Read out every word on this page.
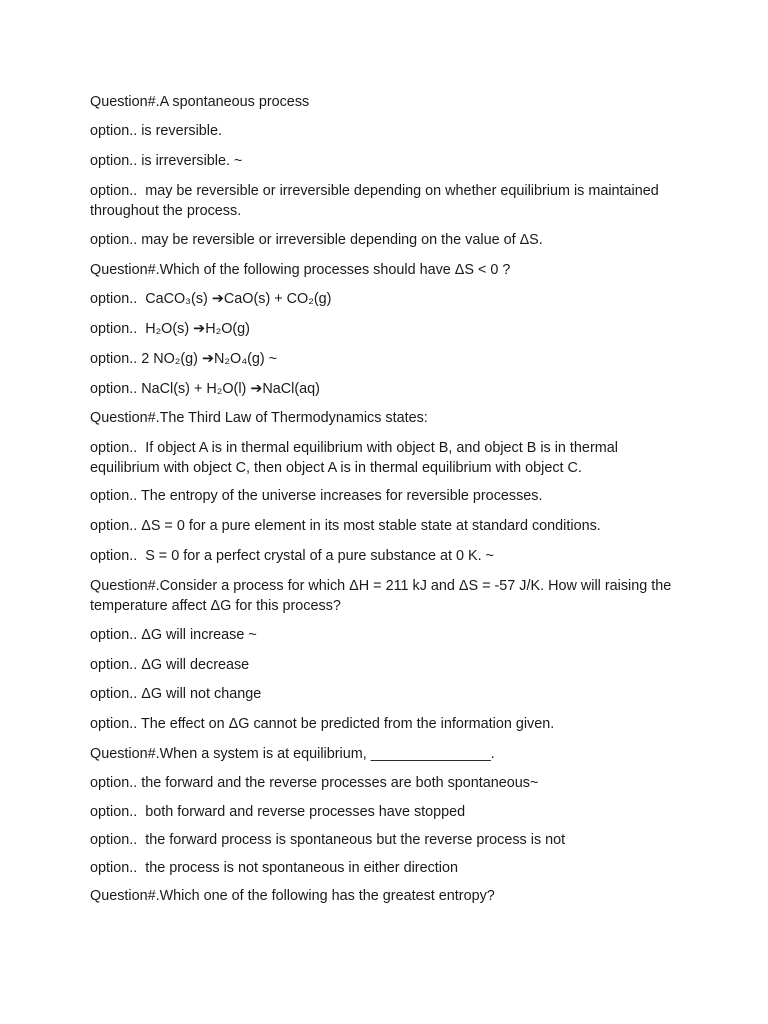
Question#.A spontaneous process

option.. is reversible.

option.. is irreversible. ~

option..  may be reversible or irreversible depending on whether equilibrium is maintained throughout the process.

option.. may be reversible or irreversible depending on the value of ΔS.

Question#.Which of the following processes should have ΔS < 0 ?

option..  CaCO₃(s) ➔CaO(s) + CO₂(g)

option..  H₂O(s) ➔H₂O(g)

option.. 2 NO₂(g) ➔N₂O₄(g) ~

option.. NaCl(s) + H₂O(l) ➔NaCl(aq)

Question#.The Third Law of Thermodynamics states:

option..  If object A is in thermal equilibrium with object B, and object B is in thermal equilibrium with object C, then object A is in thermal equilibrium with object C.

option.. The entropy of the universe increases for reversible processes.

option.. ΔS = 0 for a pure element in its most stable state at standard conditions.

option..  S = 0 for a perfect crystal of a pure substance at 0 K. ~

Question#.Consider a process for which ΔH = 211 kJ and ΔS = -57 J/K. How will raising the temperature affect ΔG for this process?

option.. ΔG will increase ~

option.. ΔG will decrease

option.. ΔG will not change

option.. The effect on ΔG cannot be predicted from the information given.

Question#.When a system is at equilibrium, _______________.

option.. the forward and the reverse processes are both spontaneous~

option..  both forward and reverse processes have stopped

option..  the forward process is spontaneous but the reverse process is not

option..  the process is not spontaneous in either direction

Question#.Which one of the following has the greatest entropy?
